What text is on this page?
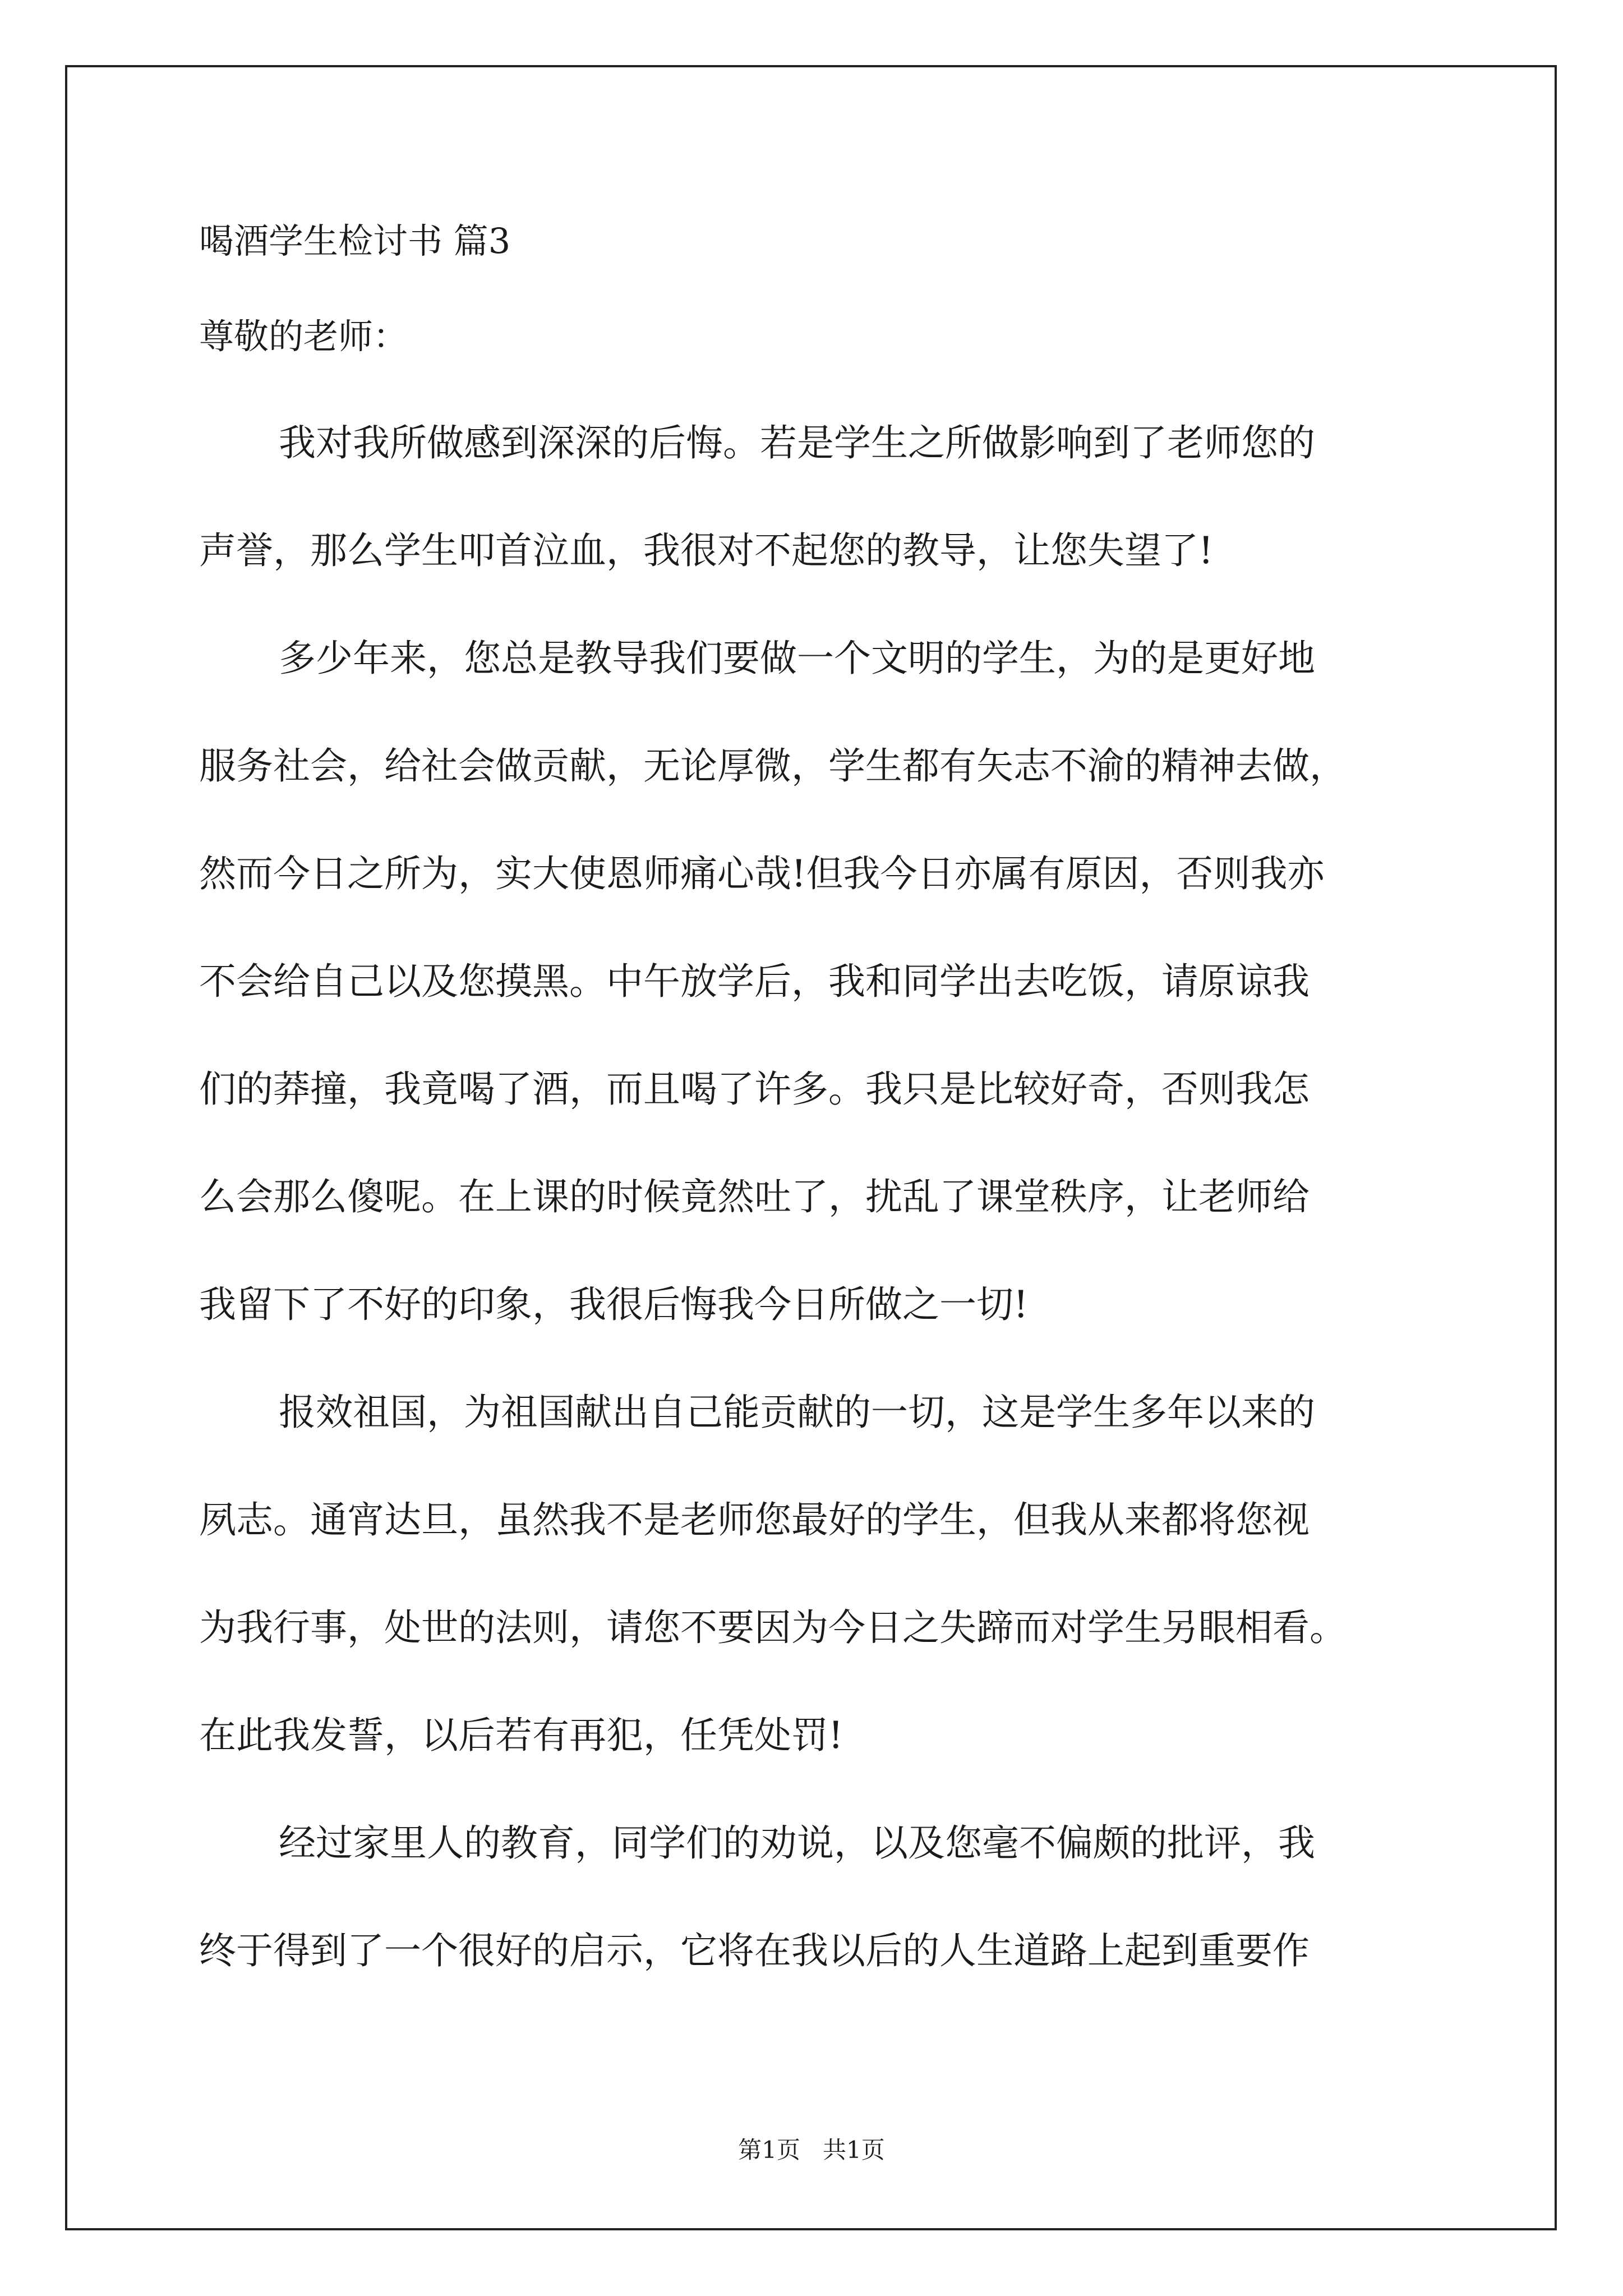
喝酒学生检讨书 篇3
尊敬的老师：
我对我所做感到深深的后悔。若是学生之所做影响到了老师您的
声誉，那么学生叩首泣血，我很对不起您的教导，让您失望了!
多少年来，您总是教导我们要做一个文明的学生，为的是更好地
服务社会，给社会做贡献，无论厚微，学生都有矢志不渝的精神去做，
然而今日之所为，实大使恩师痛心哉!但我今日亦属有原因，否则我亦
不会给自己以及您摸黑。中午放学后，我和同学出去吃饭，请原谅我
们的莽撞，我竟喝了酒，而且喝了许多。我只是比较好奇，否则我怎
么会那么傻呢。在上课的时候竟然吐了，扰乱了课堂秩序，让老师给
我留下了不好的印象，我很后悔我今日所做之一切!
报效祖国，为祖国献出自己能贡献的一切，这是学生多年以来的
夙志。通宵达旦，虽然我不是老师您最好的学生，但我从来都将您视
为我行事，处世的法则，请您不要因为今日之失蹄而对学生另眼相看。
在此我发誓，以后若有再犯，任凭处罚!
经过家里人的教育，同学们的劝说，以及您毫不偏颇的批评，我
终于得到了一个很好的启示，它将在我以后的人生道路上起到重要作
第1页   共1页
